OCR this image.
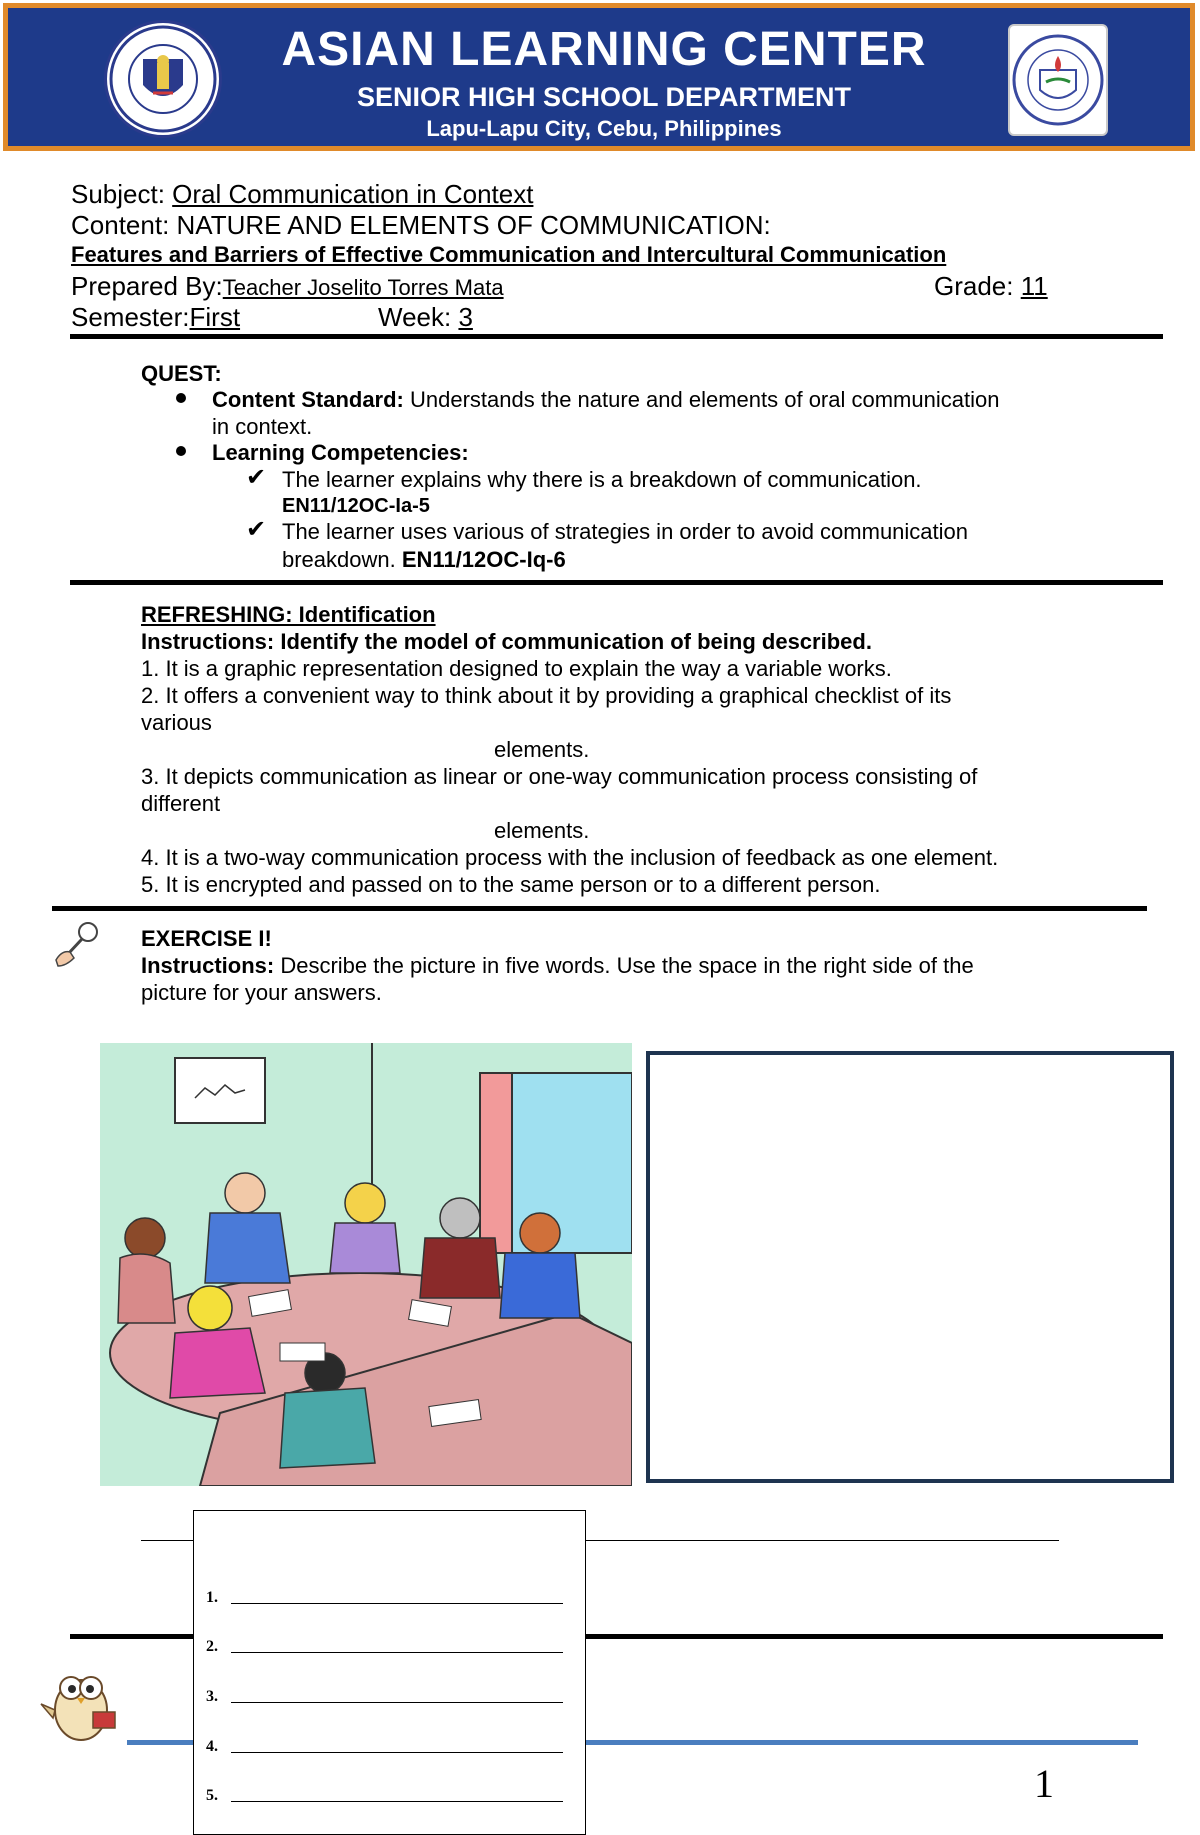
ASIAN LEARNING CENTER
SENIOR HIGH SCHOOL DEPARTMENT
Lapu-Lapu City, Cebu, Philippines
Subject: Oral Communication in Context
Content: NATURE AND ELEMENTS OF COMMUNICATION:
Features and Barriers of Effective Communication and Intercultural Communication
Prepared By:Teacher Joselito Torres Mata	Grade: 11
Semester:First	Week: 3
QUEST:
Content Standard: Understands the nature and elements of oral communication
in context.
Learning Competencies:
✔ The learner explains why there is a breakdown of communication.
EN11/12OC-Ia-5
✔ The learner uses various of strategies in order to avoid communication
breakdown. EN11/12OC-Iq-6
REFRESHING: Identification
Instructions: Identify the model of communication of being described.
1. It is a graphic representation designed to explain the way a variable works.
2. It offers a convenient way to think about it by providing a graphical checklist of its
various
elements.
3. It depicts communication as linear or one-way communication process consisting of
different
elements.
4. It is a two-way communication process with the inclusion of feedback as one element.
5. It is encrypted and passed on to the same person or to a different person.
EXERCISE I!
Instructions: Describe the picture in five words. Use the space in the right side of the
picture for your answers.
1.
2.
3.
4.
5.	1
